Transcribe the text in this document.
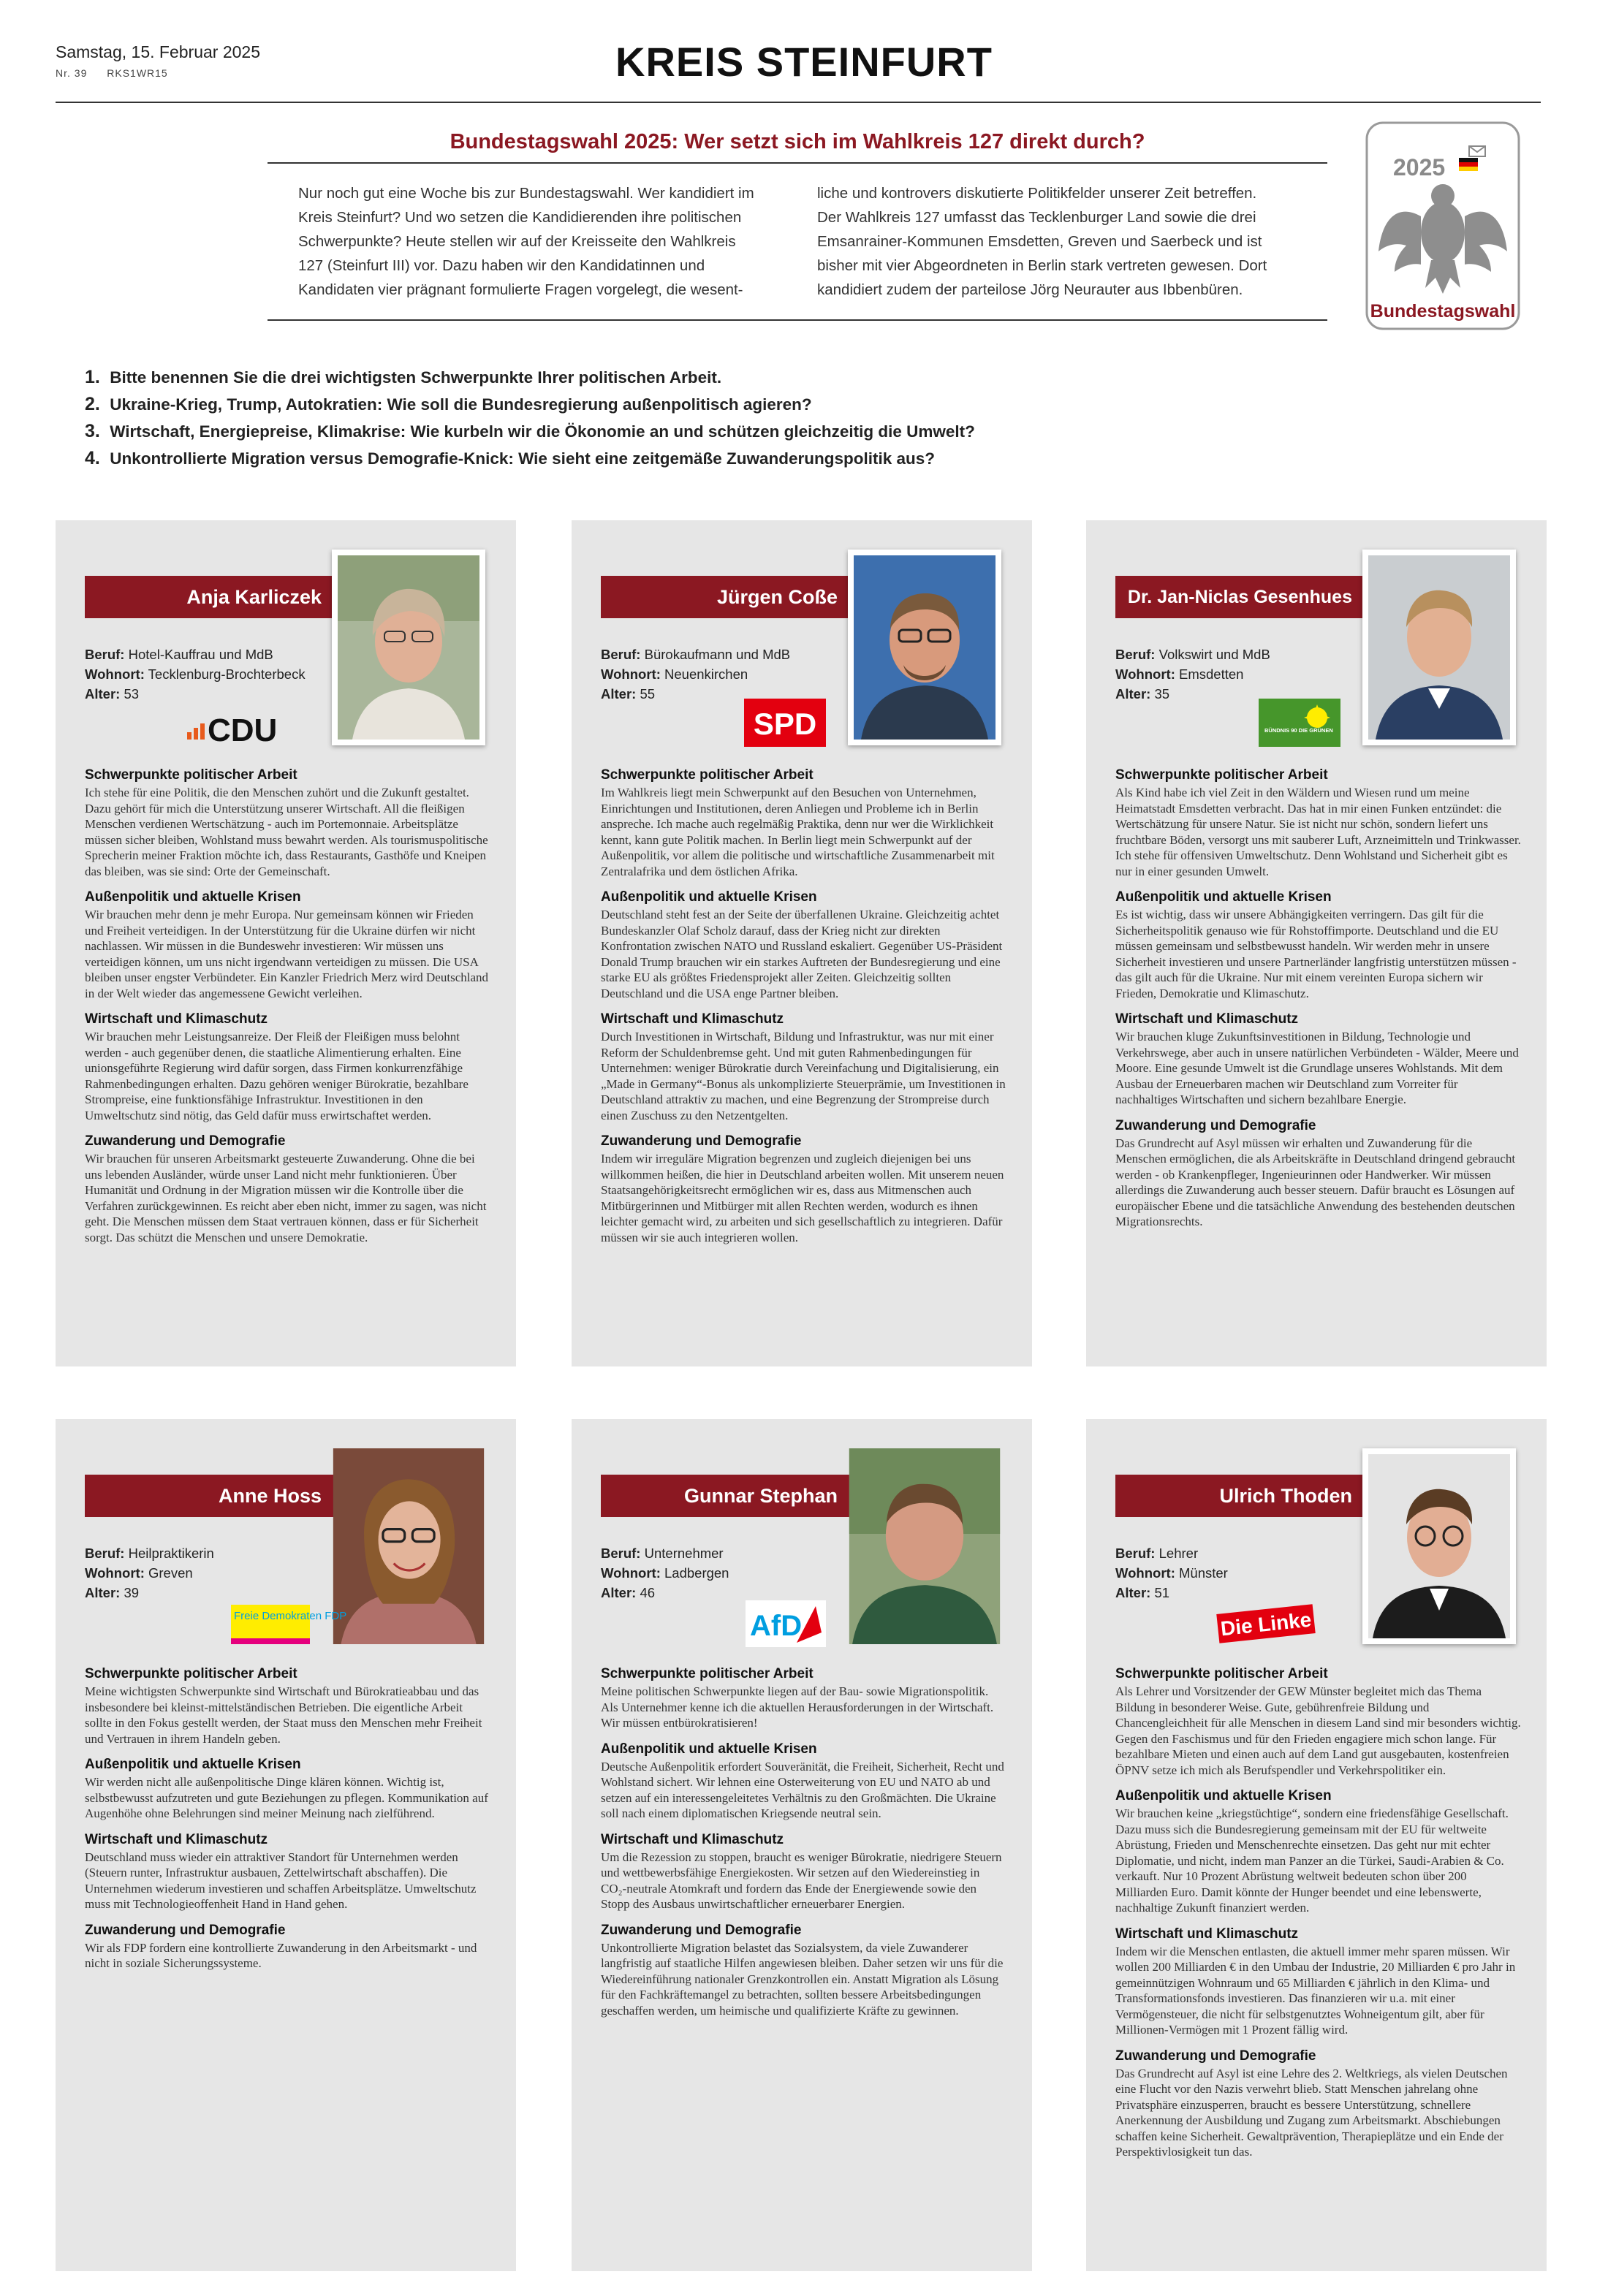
Samstag, 15. Februar 2025
Nr. 39 RKS1WR15	KREIS STEINFURT
Bundestagswahl 2025: Wer setzt sich im Wahlkreis 127 direkt durch?
Nur noch gut eine Woche bis zur Bundestagswahl. Wer kandidiert im Kreis Steinfurt? Und wo setzen die Kandidierenden ihre politischen Schwerpunkte? Heute stellen wir auf der Kreisseite den Wahlkreis 127 (Steinfurt III) vor. Dazu haben wir den Kandidatinnen und Kandidaten vier prägnant formulierte Fragen vorgelegt, die wesent-
liche und kontrovers diskutierte Politikfelder unserer Zeit betreffen. Der Wahlkreis 127 umfasst das Tecklenburger Land sowie die drei Emsanrainer-Kommunen Emsdetten, Greven und Saerbeck und ist bisher mit vier Abgeordneten in Berlin stark vertreten gewesen. Dort kandidiert zudem der parteilose Jörg Neurauter aus Ibbenbüren.
2025
Bundestagswahl
1. Bitte benennen Sie die drei wichtigsten Schwerpunkte Ihrer politischen Arbeit.
2. Ukraine-Krieg, Trump, Autokratien: Wie soll die Bundesregierung außenpolitisch agieren?
3. Wirtschaft, Energiepreise, Klimakrise: Wie kurbeln wir die Ökonomie an und schützen gleichzeitig die Umwelt?
4. Unkontrollierte Migration versus Demografie-Knick: Wie sieht eine zeitgemäße Zuwanderungspolitik aus?
Anja Karliczek
Beruf: Hotel-Kauffrau und MdB
Wohnort: Tecklenburg-Brochterbeck
Alter: 53
CDU
Schwerpunkte politischer Arbeit
Ich stehe für eine Politik, die den Menschen zuhört und die Zukunft gestaltet. Dazu gehört für mich die Unterstützung unserer Wirtschaft. All die fleißigen Menschen verdienen Wertschätzung - auch im Portemonnaie. Arbeitsplätze müssen sicher bleiben, Wohlstand muss bewahrt werden. Als tourismuspolitische Sprecherin meiner Fraktion möchte ich, dass Restaurants, Gasthöfe und Kneipen das bleiben, was sie sind: Orte der Gemeinschaft.
Außenpolitik und aktuelle Krisen
Wir brauchen mehr denn je mehr Europa. Nur gemeinsam können wir Frieden und Freiheit verteidigen. In der Unterstützung für die Ukraine dürfen wir nicht nachlassen. Wir müssen in die Bundeswehr investieren: Wir müssen uns verteidigen können, um uns nicht irgendwann verteidigen zu müssen. Die USA bleiben unser engster Verbündeter. Ein Kanzler Friedrich Merz wird Deutschland in der Welt wieder das angemessene Gewicht verleihen.
Wirtschaft und Klimaschutz
Wir brauchen mehr Leistungsanreize. Der Fleiß der Fleißigen muss belohnt werden - auch gegenüber denen, die staatliche Alimentierung erhalten. Eine unionsgeführte Regierung wird dafür sorgen, dass Firmen konkurrenzfähige Rahmenbedingungen erhalten. Dazu gehören weniger Bürokratie, bezahlbare Strompreise, eine funktionsfähige Infrastruktur. Investitionen in den Umweltschutz sind nötig, das Geld dafür muss erwirtschaftet werden.
Zuwanderung und Demografie
Wir brauchen für unseren Arbeitsmarkt gesteuerte Zuwanderung. Ohne die bei uns lebenden Ausländer, würde unser Land nicht mehr funktionieren. Über Humanität und Ordnung in der Migration müssen wir die Kontrolle über die Verfahren zurückgewinnen. Es reicht aber eben nicht, immer zu sagen, was nicht geht. Die Menschen müssen dem Staat vertrauen können, dass er für Sicherheit sorgt. Das schützt die Menschen und unsere Demokratie.
Jürgen Coße
Beruf: Bürokaufmann und MdB
Wohnort: Neuenkirchen
Alter: 55
SPD
Schwerpunkte politischer Arbeit
Im Wahlkreis liegt mein Schwerpunkt auf den Besuchen von Unternehmen, Einrichtungen und Institutionen, deren Anliegen und Probleme ich in Berlin anspreche. Ich mache auch regelmäßig Praktika, denn nur wer die Wirklichkeit kennt, kann gute Politik machen. In Berlin liegt mein Schwerpunkt auf der Außenpolitik, vor allem die politische und wirtschaftliche Zusammenarbeit mit Zentralafrika und dem östlichen Afrika.
Außenpolitik und aktuelle Krisen
Deutschland steht fest an der Seite der überfallenen Ukraine. Gleichzeitig achtet Bundeskanzler Olaf Scholz darauf, dass der Krieg nicht zur direkten Konfrontation zwischen NATO und Russland eskaliert. Gegenüber US-Präsident Donald Trump brauchen wir ein starkes Auftreten der Bundesregierung und eine starke EU als größtes Friedensprojekt aller Zeiten. Gleichzeitig sollten Deutschland und die USA enge Partner bleiben.
Wirtschaft und Klimaschutz
Durch Investitionen in Wirtschaft, Bildung und Infrastruktur, was nur mit einer Reform der Schuldenbremse geht. Und mit guten Rahmenbedingungen für Unternehmen: weniger Bürokratie durch Vereinfachung und Digitalisierung, ein „Made in Germany“-Bonus als unkomplizierte Steuerprämie, um Investitionen in Deutschland attraktiv zu machen, und eine Begrenzung der Strompreise durch einen Zuschuss zu den Netzentgelten.
Zuwanderung und Demografie
Indem wir irreguläre Migration begrenzen und zugleich diejenigen bei uns willkommen heißen, die hier in Deutschland arbeiten wollen. Mit unserem neuen Staatsangehörigkeitsrecht ermöglichen wir es, dass aus Mitmenschen auch Mitbürgerinnen und Mitbürger mit allen Rechten werden, wodurch es ihnen leichter gemacht wird, zu arbeiten und sich gesellschaftlich zu integrieren. Dafür müssen wir sie auch integrieren wollen.
Dr. Jan-Niclas Gesenhues
Beruf: Volkswirt und MdB
Wohnort: Emsdetten
Alter: 35
BÜNDNIS 90 DIE GRÜNEN
Schwerpunkte politischer Arbeit
Als Kind habe ich viel Zeit in den Wäldern und Wiesen rund um meine Heimatstadt Emsdetten verbracht. Das hat in mir einen Funken entzündet: die Wertschätzung für unsere Natur. Sie ist nicht nur schön, sondern liefert uns fruchtbare Böden, versorgt uns mit sauberer Luft, Arzneimitteln und Trinkwasser. Ich stehe für offensiven Umweltschutz. Denn Wohlstand und Sicherheit gibt es nur in einer gesunden Umwelt.
Außenpolitik und aktuelle Krisen
Es ist wichtig, dass wir unsere Abhängigkeiten verringern. Das gilt für die Sicherheitspolitik genauso wie für Rohstoffimporte. Deutschland und die EU müssen gemeinsam und selbstbewusst handeln. Wir werden mehr in unsere Sicherheit investieren und unsere Partnerländer langfristig unterstützen müssen - das gilt auch für die Ukraine. Nur mit einem vereinten Europa sichern wir Frieden, Demokratie und Klimaschutz.
Wirtschaft und Klimaschutz
Wir brauchen kluge Zukunftsinvestitionen in Bildung, Technologie und Verkehrswege, aber auch in unsere natürlichen Verbündeten - Wälder, Meere und Moore. Eine gesunde Umwelt ist die Grundlage unseres Wohlstands. Mit dem Ausbau der Erneuerbaren machen wir Deutschland zum Vorreiter für nachhaltiges Wirtschaften und sichern bezahlbare Energie.
Zuwanderung und Demografie
Das Grundrecht auf Asyl müssen wir erhalten und Zuwanderung für die Menschen ermöglichen, die als Arbeitskräfte in Deutschland dringend gebraucht werden - ob Krankenpfleger, Ingenieurinnen oder Handwerker. Wir müssen allerdings die Zuwanderung auch besser steuern. Dafür braucht es Lösungen auf europäischer Ebene und die tatsächliche Anwendung des bestehenden deutschen Migrationsrechts.
Anne Hoss
Beruf: Heilpraktikerin
Wohnort: Greven
Alter: 39
Freie Demokraten FDP
Schwerpunkte politischer Arbeit
Meine wichtigsten Schwerpunkte sind Wirtschaft und Bürokratieabbau und das insbesondere bei kleinst-mittelständischen Betrieben. Die eigentliche Arbeit sollte in den Fokus gestellt werden, der Staat muss den Menschen mehr Freiheit und Vertrauen in ihrem Handeln geben.
Außenpolitik und aktuelle Krisen
Wir werden nicht alle außenpolitische Dinge klären können. Wichtig ist, selbstbewusst aufzutreten und gute Beziehungen zu pflegen. Kommunikation auf Augenhöhe ohne Belehrungen sind meiner Meinung nach zielführend.
Wirtschaft und Klimaschutz
Deutschland muss wieder ein attraktiver Standort für Unternehmen werden (Steuern runter, Infrastruktur ausbauen, Zettelwirtschaft abschaffen). Die Unternehmen wiederum investieren und schaffen Arbeitsplätze. Umweltschutz muss mit Technologieoffenheit Hand in Hand gehen.
Zuwanderung und Demografie
Wir als FDP fordern eine kontrollierte Zuwanderung in den Arbeitsmarkt - und nicht in soziale Sicherungssysteme.
Gunnar Stephan
Beruf: Unternehmer
Wohnort: Ladbergen
Alter: 46
AfD
Schwerpunkte politischer Arbeit
Meine politischen Schwerpunkte liegen auf der Bau- sowie Migrationspolitik. Als Unternehmer kenne ich die aktuellen Herausforderungen in der Wirtschaft. Wir müssen entbürokratisieren!
Außenpolitik und aktuelle Krisen
Deutsche Außenpolitik erfordert Souveränität, die Freiheit, Sicherheit, Recht und Wohlstand sichert. Wir lehnen eine Osterweiterung von EU und NATO ab und setzen auf ein interessengeleitetes Verhältnis zu den Großmächten. Die Ukraine soll nach einem diplomatischen Kriegsende neutral sein.
Wirtschaft und Klimaschutz
Um die Rezession zu stoppen, braucht es weniger Bürokratie, niedrigere Steuern und wettbewerbsfähige Energiekosten. Wir setzen auf den Wiedereinstieg in CO₂-neutrale Atomkraft und fordern das Ende der Energiewende sowie den Stopp des Ausbaus unwirtschaftlicher erneuerbarer Energien.
Zuwanderung und Demografie
Unkontrollierte Migration belastet das Sozialsystem, da viele Zuwanderer langfristig auf staatliche Hilfen angewiesen bleiben. Daher setzen wir uns für die Wiedereinführung nationaler Grenzkontrollen ein. Anstatt Migration als Lösung für den Fachkräftemangel zu betrachten, sollten bessere Arbeitsbedingungen geschaffen werden, um heimische und qualifizierte Kräfte zu gewinnen.
Ulrich Thoden
Beruf: Lehrer
Wohnort: Münster
Alter: 51
Die Linke
Schwerpunkte politischer Arbeit
Als Lehrer und Vorsitzender der GEW Münster begleitet mich das Thema Bildung in besonderer Weise. Gute, gebührenfreie Bildung und Chancengleichheit für alle Menschen in diesem Land sind mir besonders wichtig. Gegen den Faschismus und für den Frieden engagiere mich schon lange. Für bezahlbare Mieten und einen auch auf dem Land gut ausgebauten, kostenfreien ÖPNV setze ich mich als Berufspendler und Verkehrspolitiker ein.
Außenpolitik und aktuelle Krisen
Wir brauchen keine „kriegstüchtige“, sondern eine friedensfähige Gesellschaft. Dazu muss sich die Bundesregierung gemeinsam mit der EU für weltweite Abrüstung, Frieden und Menschenrechte einsetzen. Das geht nur mit echter Diplomatie, und nicht, indem man Panzer an die Türkei, Saudi-Arabien & Co. verkauft. Nur 10 Prozent Abrüstung weltweit bedeuten schon über 200 Milliarden Euro. Damit könnte der Hunger beendet und eine lebenswerte, nachhaltige Zukunft finanziert werden.
Wirtschaft und Klimaschutz
Indem wir die Menschen entlasten, die aktuell immer mehr sparen müssen. Wir wollen 200 Milliarden € in den Umbau der Industrie, 20 Milliarden € pro Jahr in gemeinnützigen Wohnraum und 65 Milliarden € jährlich in den Klima- und Transformationsfonds investieren. Das finanzieren wir u.a. mit einer Vermögensteuer, die nicht für selbstgenutztes Wohneigentum gilt, aber für Millionen-Vermögen mit 1 Prozent fällig wird.
Zuwanderung und Demografie
Das Grundrecht auf Asyl ist eine Lehre des 2. Weltkriegs, als vielen Deutschen eine Flucht vor den Nazis verwehrt blieb. Statt Menschen jahrelang ohne Privatsphäre einzusperren, braucht es bessere Unterstützung, schnellere Anerkennung der Ausbildung und Zugang zum Arbeitsmarkt. Abschiebungen schaffen keine Sicherheit. Gewaltprävention, Therapieplätze und ein Ende der Perspektivlosigkeit tun das.
